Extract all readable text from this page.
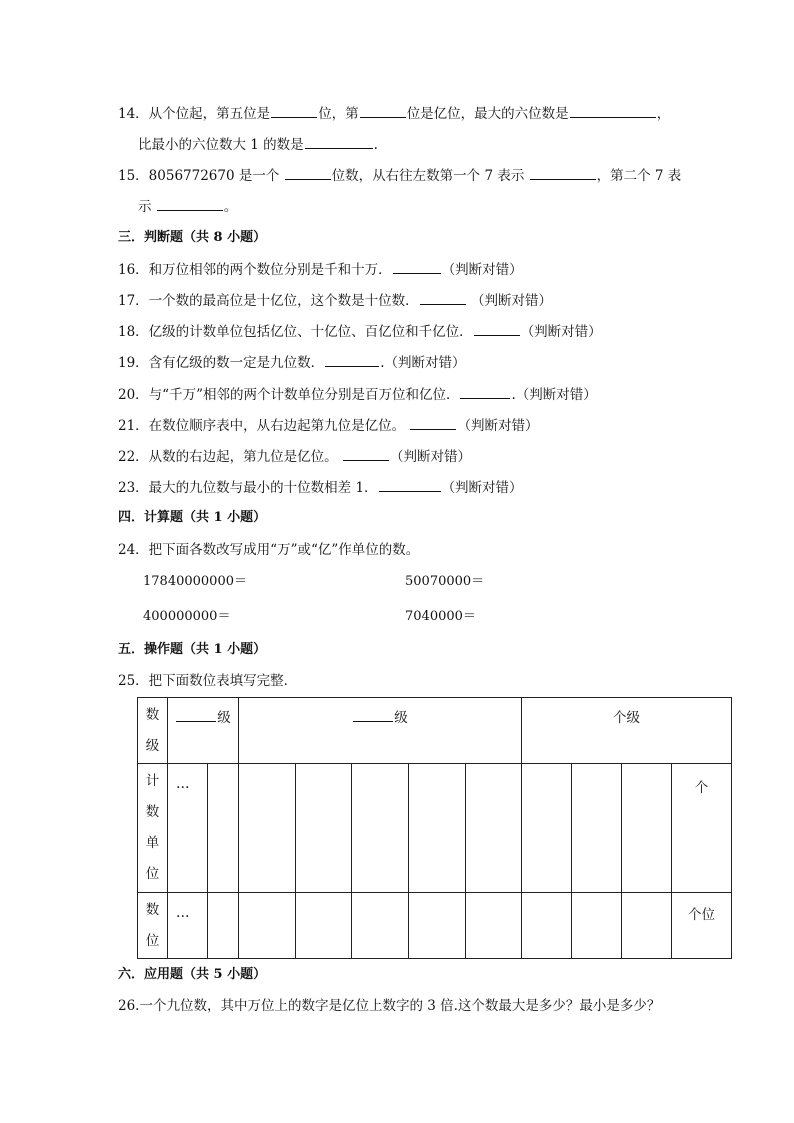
14．从个位起，第五位是	位，第	位是亿位，最大的六位数是	，
比最小的六位数大 1 的数是	.
15．8056772670 是一个	位数，从右往左数第一个 7 表示	，第二个 7 表
示	。
三．判断题（共 8 小题）
16．和万位相邻的两个数位分别是千和十万．	（判断对错）
17．一个数的最高位是十亿位，这个数是十位数．	（判断对错）
18．亿级的计数单位包括亿位、十亿位、百亿位和千亿位．	（判断对错）
19．含有亿级的数一定是九位数．	.（判断对错）
20．与“千万”相邻的两个计数单位分别是百万位和亿位．	.（判断对错）
21．在数位顺序表中，从右边起第九位是亿位。	（判断对错）
22．从数的右边起，第九位是亿位。	（判断对错）
23．最大的九位数与最小的十位数相差 1．	（判断对错）
四．计算题（共 1 小题）
24．把下面各数改写成用“万”或“亿”作单位的数。
17840000000＝	50070000＝
400000000＝	7040000＝
五．操作题（共 1 小题）
25．把下面数位表填写完整．
数
级	级		级					个级			

计
数
单
位	…										个

数
位	…										个位
六．应用题（共 5 小题）
26.一个九位数，其中万位上的数字是亿位上数字的 3 倍.这个数最大是多少？最小是多少？
